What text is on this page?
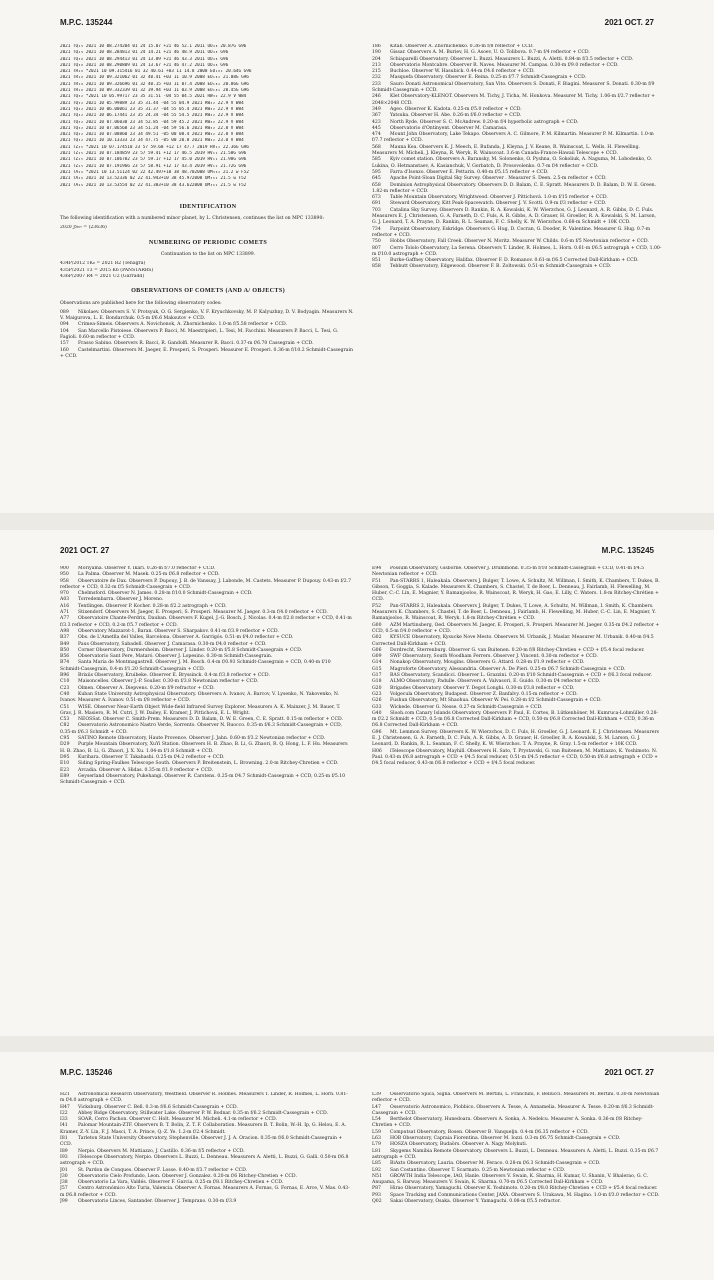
M.P.C. 135244	2021 OCT. 27
2021 TQ₂₉ 2021 10 08.274204 01 24 15.07 +21 46 52.1 2011 UO₄₈ 20.87G G96
2021 TQ₂₉ 2021 10 08.284813 01 24 14.21 +21 46 48.9 2011 UO₄₈ G96
2021 TQ₃₀ 2021 10 08.294413 01 24 13.89 +21 46 43.3 2011 UO₄₈ G96
2021 TQ₃₀ 2021 10 08.290809 01 24 13.67 +21 46 47.2 2011 UO₄₈ G96
2021 TR₁₀ *2021 10 09.315416 01 32 40.61 +03 11 14.8 2008 EO₁₈₁ 20.64G G96
2021 TR₁₀ 2021 10 09.321062 01 32 40.41 +03 11 10.9 2008 EO₁₈₁ 21.08G G96
2021 TR₁₀ 2021 10 09.326696 01 32 40.15 +03 11 07.4 2008 EO₁₈₁ 20.86G G96
2021 TR₁₀ 2021 10 09.332339 01 32 39.94 +03 11 03.9 2008 EO₁₈₁ 20.45G G96
2021 TQ₃₂ *2021 10 05.99717 23 35 31.51 -04 55 04.5 2021 RW₃₂ 22.9 V W84
2021 TQ₃₂ 2021 10 05.99889 23 35 31.44 -04 55 04.9 2021 RW₃₂ 22.9 V W84
2021 TQ₃₂ 2021 10 06.00061 23 35 31.37 -04 55 05.4 2021 RW₃₂ 22.9 V W84
2021 TQ₃₂ 2021 10 06.17441 23 35 24.34 -04 55 54.5 2021 RW₃₂ 22.9 V W84
2021 TQ₃₂ 2021 10 07.06038 23 34 52.85 -04 59 45.2 2021 RW₃₂ 22.9 V W84
2021 TQ₃₂ 2021 10 07.06568 23 34 51.24 -04 59 56.6 2021 RW₃₂ 22.8 V W84
2021 TQ₃₂ 2021 10 07.08860 23 34 49.51 -05 00 08.4 2021 RW₃₂ 22.8 V W84
2021 TQ₃₂ 2021 10 10.13333 23 34 47.75 -05 00 20.8 2021 RW₃₂ 23.0 V W84
2021 TZ₂₅ *2021 10 07.174510 23 57 59.68 +12 17 47.7 2019 HV₁₁ 22.36G G96
2021 TZ₂₅ 2021 10 07.184859 23 57 59.41 +12 17 46.5 2019 HV₁₁ 21.58G G96
2021 TZ₂₅ 2021 10 07.186782 23 57 59.17 +12 17 45.0 2019 HV₁₁ 21.98G G96
2021 TZ₂₅ 2021 10 07.191966 23 57 58.91 +12 17 43.4 2019 HV₁₁ 21.72G G96
2021 TA₂₆ *2021 10 13.51124 02 22 42.497+10 38 48.702008 UM₃₆₁ 21.2 w F52
2021 TA₂₆ 2021 10 13.52336 02 22 41.943+10 38 45.972008 UM₃₆₁ 21.5 w F52
2021 TA₂₆ 2021 10 13.53554 02 22 41.383+10 38 43.622008 UM₃₆₁ 21.5 w F52
IDENTIFICATION
The following identification with a numbered minor planet, by L. Christensen, continues the list on MPC 133890:
2020 JS₅₇ = (23636)
NUMBERING OF PERIODIC COMETS
Continuation to the list on MPC 133899.
434P/2012 TK₈ = 2021 R2 (Tenagra)
435P/2021 T3 = 2015 K6 (PANSTARRS)
436P/2007 R4 = 2021 U2 (Garradd)
OBSERVATIONS OF COMETS (AND A/ OBJECTS)
Observations are published here for the following observatory codes:
089 Nikolaev. Observers S. V. Protsyuk, O. G. Sergienko, V. F. Kryuchkovsky, M. P. Kalyuzhny, D. V. Bodyagin. Measurers N. V. Maigurova, L. E. Bondarchuk. 0.5-m f/6.6 Maksutov + CCD.
094 Crimea-Simeis. Observers A. Novichonok, A. Zhornichenko. 1.0-m f/5.58 reflector + CCD.
104 San Marcello Pistoiese. Observers P. Bacci, M. Maestripieri, L. Tesi, M. Facchini. Measurers P. Bacci, L. Tesi, G. Fagioli. 0.60-m reflector + CCD.
157 Frasso Sabino. Observers R. Bacci, R. Gandolfi. Measurer R. Bacci. 0.37-m f/6.70 Cassegrain + CCD.
160 Castelmartini. Observers M. Jaeger, E. Prosperi, S. Prosperi. Measurer E. Prosperi. 0.36-m f/10.2 Schmidt-Cassegrain + CCD.
186 Kitab. Observer A. Zhornichenko. 0.36-m f/8 reflector + CCD.
190 Gissar. Observers A. M. Buriev, H. G. Asoev, U. O. Tolibova. 0.7-m f/4 reflector + CCD.
204 Schiaparelli Observatory. Observer L. Buzzi. Measurers L. Buzzi, A. Aletti. 0.84-m f/3.5 reflector + CCD.
213 Observatorio Montcabre. Observer R. Naves. Measurer M. Campas. 0.30-m f/9.0 reflector + CCD.
215 Buchloe. Observer W. Hasubick. 0.44-m f/4.6 reflector + CCD.
232 Masquefa Observatory. Observer E. Reina. 0.25-m f/7.7 Schmidt-Cassegrain + CCD.
233 Sauro Donati Astronomical Observatory, San Vito. Observers S. Donati, F. Biagini. Measurer S. Donati. 0.30-m f/9 Schmidt-Cassegrain + CCD.
246 Klet Observatory-KLENOT. Observers M. Tichy, J. Ticha, M. Honkova. Measurer M. Tichy. 1.06-m f/2.7 reflector + 2048×2048 CCD.
349 Ageo. Observer K. Kadota. 0.25-m f/5.0 reflector + CCD.
367 Yatsuka. Observer H. Abe. 0.26-m f/6.0 reflector + CCD.
423 North Ryde. Observer S. C. McAndrew. 0.20-m f/4 hyperbolic astrograph + CCD.
445 Observatorio d'Ontinyent. Observer M. Camarasa.
474 Mount John Observatory, Lake Tekapo. Observers A. C. Gilmore, P. M. Kilmartin. Measurer P. M. Kilmartin. 1.0-m f/7.7 reflector + CCD.
568 Mauna Kea. Observers K. J. Meech, E. Bufanda, J. Kleyna, J. V. Keane, R. Wainscoat, L. Wells. H. Flewelling. Measurers M. Micheli, J. Kleyna, R. Weryk, R. Wainscoat. 3.6-m Canada-France-Hawaii Telescope + CCD.
585 Kyiv comet station. Observers A. Baransky, M. Solonenko, O. Pyshna, O. Sokoliuk, A. Naguma, M. Lobodenko, O. Lukina, O. Hetmanstaev, A. Kasianchuk, V. Gorbatch, D. Prosovolenko. 0.7-m f/4 reflector + CCD.
595 Farra d'Isonzo. Observer E. Pettarin. 0.40-m f/5.15 reflector + CCD.
645 Apache Point-Sloan Digital Sky Survey. Observer . Measurer S. Deen. 2.5-m reflector + CCD.
658 Dominion Astrophysical Observatory. Observers D. D. Balam, C. E. Spratt. Measurers D. D. Balam, D. W. E. Green. 1.82-m reflector + CCD.
673 Table Mountain Observatory, Wrightwood. Observer J. Pittichová. 1.0-m f/15 reflector + CCD.
691 Steward Observatory, Kitt Peak-Spacewatch. Observer J. V. Scotti. 0.9-m f/3 reflector + CCD.
703 Catalina Sky Survey. Observers D. Rankin, R. A. Kowalski, K. W. Wierzchos, G. J. Leonard, A. R. Gibbs, D. C. Fuls. Measurers E. J. Christensen, G. A. Farneth, D. C. Fuls, A. R. Gibbs, A. D. Grauer, H. Groeller, R. A. Kowalski, S. M. Larson, G. J. Leonard, T. A. Prayne, D. Rankin, R. L. Seaman, F. C. Shelly, K. W. Wierzchos. 0.68-m Schmidt + 10K CCD.
734 Farpoint Observatory, Eskridge. Observers G. Hug, D. Cocran, G. Dooder, R. Valentine. Measurer G. Hug. 0.7-m reflector + CCD.
750 Hobbs Observatory, Fall Creek. Observer N. Moritz. Measurer W. Childs. 0.6-m f/5 Newtonian reflector + CCD.
807 Cerro Tololo Observatory, La Serena. Observers T. Linder, R. Holmes, L. Horn. 0.61-m f/6.5 astrograph + CCD, 1.00-m f/10.0 astrograph + CCD.
851 Burke-Gaffney Observatory, Halifax. Observer F. D. Romanov. 0.61-m f/6.5 Corrected Dall-Kirkham + CCD.
858 Tebbutt Observatory, Edgewood. Observer F. B. Zoltowski. 0.51-m Schmidt-Cassegrain + CCD.
2021 OCT. 27	M.P.C. 135245
900 Moriyama. Observer Y. Ikari. 0.26-m f/7.0 reflector + CCD.
950 La Palma. Observer M. Masek. 0.25-m f/6.8 reflector + CCD.
958 Observatoire de Dax. Observers P. Dupouy, J. B. de Vanssay, J. Labonde, M. Castets. Measurer P. Dupouy. 0.43-m f/2.7 reflector + CCD, 0.32-m f/5 Schmidt-Cassegrain + CCD.
970 Chelmsford. Observer N. James. 0.28-m f/10.0 Schmidt-Cassegrain + CCD.
A03 Torredembarra. Observer J. Moreno.
A16 Tentlingen. Observer P. Kocher. 0.28-m f/2.2 astrograph + CCD.
A71 Stixendorf. Observers M. Jaeger, E. Prosperi, S. Prosperi. Measurer M. Jaeger. 0.3-m f/4.0 reflector + CCD.
A77 Observatoire Chante-Perdrix, Dauban. Observers F. Kugel, J.-G. Bosch, J. Nicolas. 0.4-m f/2.8 reflector + CCD, 0.41-m f/3.3 reflector + CCD, 0.2-m f/5.7 reflector + CCD.
A98 Observatory Mazzarot-1, Baran. Observer S. Sharpakov. 0.41-m f/3.9 reflector + CCD.
B37 Obs. de L'Ametlla del Valles, Barcelona. Observer A. Garrigós. 0.51-m f/4.0 reflector + CCD.
B49 Paus Observatory, Sabadell. Observer J. Camarasa. 0.30-m f/4.0 reflector + CCD.
B50 Corner Observatory, Durmersheim. Observer J. Linder. 0.20-m f/5.8 Schmidt-Cassegrain + CCD.
B56 Observatorio Sant Pere, Mataró. Observer J. Lopesino. 0.30-m Schmidt-Cassegrain.
B74 Santa Maria de Montmagastrell. Observer J. M. Bosch. 0.4-m f/0.93 Schmidt-Cassegrain + CCD, 0.40-m f/10 Schmidt-Cassegrain, 0.4-m f/1.20 Schmidt-Cassegrain + CCD.
B96 Brixiis Observatory, Kruibeke. Observer E. Bryssinck. 0.4-m f/3.8 reflector + CCD.
C10 Maisoncelles. Observer J.-P. Soulier. 0.30-m f/3.8 Newtonian reflector + CCD.
C23 Olmen. Observer A. Diepvens. 0.20-m f/9 refractor + CCD.
C40 Kuban State University Astrophysical Observatory. Observers A. Ivanov, A. Barcov, V. Lysenko, N. Yakovenko, N. Ivanov. Measurer A. Ivanov. 0.51-m f/8 reflector + CCD.
C51 WISE. Observer Near-Earth Object Wide-field Infrared Survey Explorer. Measurers A. K. Mainzer, J. M. Bauer, T. Grav, J. R. Masiero, R. M. Cutri, J. W. Dailey, E. Kramer, J. Pittichová, E. L. Wright.
C53 NEOSSat. Observer C. Smith-Prem. Measurers D. D. Balam, D. W. E. Green, C. E. Spratt. 0.15-m reflector + CCD.
C82 Osservatorio Astronomico Nastro Verde, Sorrento. Observer N. Ruocco. 0.35-m f/6.3 Schmidt-Cassegrain + CCD, 0.35-m f/6.3 Schmidt + CCD.
C95 SATINO Remote Observatory, Haute Provence. Observer J. Jahn. 0.60-m f/3.2 Newtonian reflector + CCD.
D29 Purple Mountain Observatory, XuYi Station. Observers H. B. Zhao, B. Li, G. Zhaori, R. Q. Hong, L. F. Hu. Measurers H. B. Zhao, B. Li, G. Zhaori, J. X. Xu. 1.04-m f/1.8 Schmidt + CCD.
D95 Kurihara. Observer T. Takahashi. 0.25-m f/4.2 reflector + CCD.
E10 Siding Spring-Faulkes Telescope South. Observers P. Breitenstein, L. Browning. 2.0-m Ritchey-Chretien + CCD.
E23 Arcadia. Observer A. Hidas. 0.35-m f/1.9 reflector + CCD.
E89 Geyserland Observatory, Pukehangi. Observer R. Carstens. 0.25-m f/4.7 Schmidt-Cassegrain + CCD, 0.25-m f/5.10 Schmidt-Cassegrain + CCD.
E94 Possum Observatory, Gisborne. Observer J. Drummond. 0.35-m f/10 Schmidt-Cassegrain + CCD, 0.41-m f/4.5 Newtonian reflector + CCD.
F51 Pan-STARRS 1, Haleakala. Observers J. Bulger, T. Lowe, A. Schultz, M. Willman, I. Smith, K. Chambers, T. Dukes, B. Gibson, T. Goggia, S. Kalade. Measurers K. Chambers, S. Chastel, T. de Boer, L. Denneau, J. Fairlamb, H. Flewelling, M. Huber, C.-C. Lin, E. Magnier, Y. Ramanjooloo, R. Wainscoat, R. Weryk, H. Gao, E. Lilly, C. Waters. 1.8-m Ritchey-Chrétien + CCD.
F52 Pan-STARRS 2, Haleakala. Observers J. Bulger, T. Dukes, T. Lowe, A. Schultz, M. Willman, I. Smith, K. Chambers. Measurers K. Chambers, S. Chastel, T. de Boer, L. Denneau, J. Fairlamb, H. Flewelling, M. Huber, C.-C. Lin, E. Magnier, Y. Ramanjooloo, R. Wainscoat, R. Weryk. 1.8-m Ritchey-Chrétien + CCD.
G00 AZM Martinsberg, Oed. Observers M. Jaeger, E. Prosperi, S. Prosperi. Measurer M. Jaeger. 0.35-m f/4.2 reflector + CCD, 0.5-m f/4.0 reflector + CCD.
G02 KYSUCE Observatory, Kysucke Nove Mesto. Observers M. Urbanik, J. Maslar. Measurer M. Urbanik. 0.40-m f/4.5 Corrected Dall-Kirkham + CCD.
G06 Dordrecht, Sterrenburg. Observer G. van Buitenen. 0.20-m f/8 Ritchey-Chretien + CCD + f/5.4 focal reducer.
G09 SWF Observatory, South Woodham Ferrers. Observer J. Vincent. 0.30-m reflector + CCD.
G14 Nonakop Observatory, Mougins. Observers G. Attard. 0.28-m f/1.9 reflector + CCD.
G15 Magroforte Observatory, Alessandria. Observer A. De Pieri. 0.25-m f/6.7 Schmidt-Cassegrain + CCD.
G17 BAS Observatory, Scandicci. Observer L. Grazzini. 0.20-m f/10 Schmidt-Cassegrain + CCD + f/6.3 focal reducer.
G18 ALMO Observatory, Padulle. Observers A. Valvasori, E. Guido. 0.30-m f/4 reflector + CCD.
G20 Brigades Observatory. Observer Y. Degot Longhi. 0.30-m f/3.8 reflector + CCD.
G23 Volgecula Observatory, Budapest. Observer Z. Banfalvy. 0.15-m reflector + CCD.
G26 Fushun Observatory, Mt Shaohua. Observer W. Pei. 0.28-m f/2 Schmidt-Cassegrain + CCD.
G33 Wickede. Observer G. Nesse. 0.27-m Schmidt-Cassegrain + CCD.
G40 Slooh.com Canary Islands Observatory. Observers P. Paul, E. Cortes, B. Lütkenhöner, M. Kumruca-Lohmüller. 0.28-m f/2.2 Schmidt + CCD, 0.5-m f/6.8 Corrected Dall-Kirkham + CCD, 0.50-m f/6.8 Corrected Dall-Kirkham + CCD, 0.36-m f/6.8 Corrected Dall-Kirkham + CCD.
G96 Mt. Lemmon Survey. Observers K. W. Wierzchos, D. C. Fuls, H. Groeller, G. J. Leonard. E. J. Christensen. Measurers E. J. Christensen, G. A. Farneth, D. C. Fuls, A. R. Gibbs, A. D. Grauer, H. Groeller, R. A. Kowalski, S. M. Larson, G. J. Leonard, D. Rankin, R. L. Seaman, F. C. Shelly, K. W. Wierzchos. T. A. Prayne, R. Gray. 1.5-m reflector + 10K CCD.
H06 iTelescope Observatory, Mayhill. Observers H. Sato, T. Prystavski, G. van Buitenen, M. Mattiazzo, K. Yoshimoto. N. Paul. 0.43-m f/6.8 astrograph + CCD + f/4.5 focal reducer, 0.51-m f/4.5 reflector + CCD, 0.50-m f/6.8 astrograph + CCD + f/4.5 focal reducer, 0.43-m f/6.8 reflector + CCD + f/4.5 focal reducer.
M.P.C. 135246	2021 OCT. 27
H21 Astronomical Research Observatory, Westfield. Observer R. Holmes. Measurers T. Linder, R. Holmes, L. Horn. 0.81-m f/4.0 astrograph + CCD.
H47 Vicksburg. Observer C. Bell. 0.3-m f/6.6 Schmidt-Cassegrain + CCD.
I22 Abbey Ridge Observatory, Stillwater Lake. Observer P. W. Bodnar. 0.35-m f/6.2 Schmidt-Cassegrain + CCD.
I33 SOAR, Cerro Pachon. Observer C. Holt. Measurer M. Micheli. 4.1-m reflector + CCD.
I41 Palomar Mountain-ZTF. Observers B. T. Bolin, Z. T. F. Collaboration. Measurers B. T. Bolin, W.-H. Ip, G. Helou, E. A. Kramer, Z.-Y. Lin, F. J. Masci, T. A. Prince, Q.-Z. Ye. 1.2-m f/2.4 Schmidt.
I81 Tarleton State University Observatory, Stephenville. Observer J. J. A. Oracion. 0.35-m f/6.0 Schmidt-Cassegrain + CCD.
I89 Nerpio. Observers M. Mattiazzo, J. Castillo. 0.36-m f/5 reflector + CCD.
I93 iTelescope Observatory, Nerpio. Observers L. Buzzi, L. Denneau. Measurers A. Aletti, L. Buzzi, G. Galli. 0.50-m f/6.8 astrograph + CCD.
J01 St. Pardon de Conques. Observer F. Losse. 0.40-m f/3.7 reflector + CCD.
J30 Observatorio Cielo Profundo, Leon. Observer J. Gonzalez. 0.20-m f/6 Ritchey-Chretien + CCD.
J38 Observatorio La Vara, Valdés. Observer F. Garcia. 0.25-m f/8.1 Ritchey-Chretien + CCD.
J57 Centro Astronómico Alto Turia, Valencia. Observer A. Fornas. Measurers A. Fornas, G. Fornas, E. Arce, V. Mas. 0.43-m f/6.8 reflector + CCD.
J99 Observatorio Linces, Santander. Observer J. Temprano. 0.30-m f/3.9
L39 Osservatorio Spica, Signa. Observers M. Bertini, L. Franchini, F. Bellucci. Measurers M. Bertini. 0.30-m Newtonian reflector + CCD.
L47 Osservatorio Astronomico, Piobbico. Observers A. Tesse, A. Annamelia. Measurer A. Tesse. 0.20-m f/6.3 Schmidt-Cassegrain + CCD.
L54 Berthelot Observatory, Hunedoara. Observers A. Sonka, A. Nedelcu. Measurer A. Sonka. 0.36-m f/8 Ritchey-Chretien + CCD.
L59 Computsat Observatory, Rosen. Observer B. Vanqueljn. 0.4-m f/6.35 reflector + CCD.
L63 HOB Observatory, Capraia Fiorentina. Observer M. Iozzi. 0.3-m f/6.75 Schmidt-Cassegrain + CCD.
L79 HOSZA Observatory, Budaörs. Observer A. Nagy Molykuti.
L81 Skygems Namibia Remote Observatory. Observers L. Buzzi, L. Denneau. Measurers A. Aletti, L. Buzzi. 0.35-m f/6.7 astrograph + CCD.
L85 BiAxto Observatory, Lauria. Observer M. Feraco. 0.28-m f/6.3 Schmidt-Cassegrain + CCD.
L92 San Costantino. Observer T. Scarmato. 0.25-m Newtonian reflector + CCD.
N51 GROWTH India Telescope, IAO, Hanle. Observers V. Swain, K. Sharma, H. Kumar, U. Shanin, V. Bhalerao, G. C. Anupama, S. Barway. Measurers V. Swain, K. Sharma. 0.70-m f/6.5 Corrected Dall-Kirkham + CCD.
P87 Hirao Observatory, Yamaguchi. Observer K. Yoshimoto. 0.20-m f/8.0 Ritchey-Chretien + CCD + f/5.4 focal reducer.
P93 Space Tracking and Communications Center, JAXA. Observers S. Urakawa, M. Hagino. 1.0-m f/3.0 reflector + CCD.
Q02 Sakai Observatory, Osaka. Observer Y. Yamaguchi. 0.08-m f/5.5 refractor.
